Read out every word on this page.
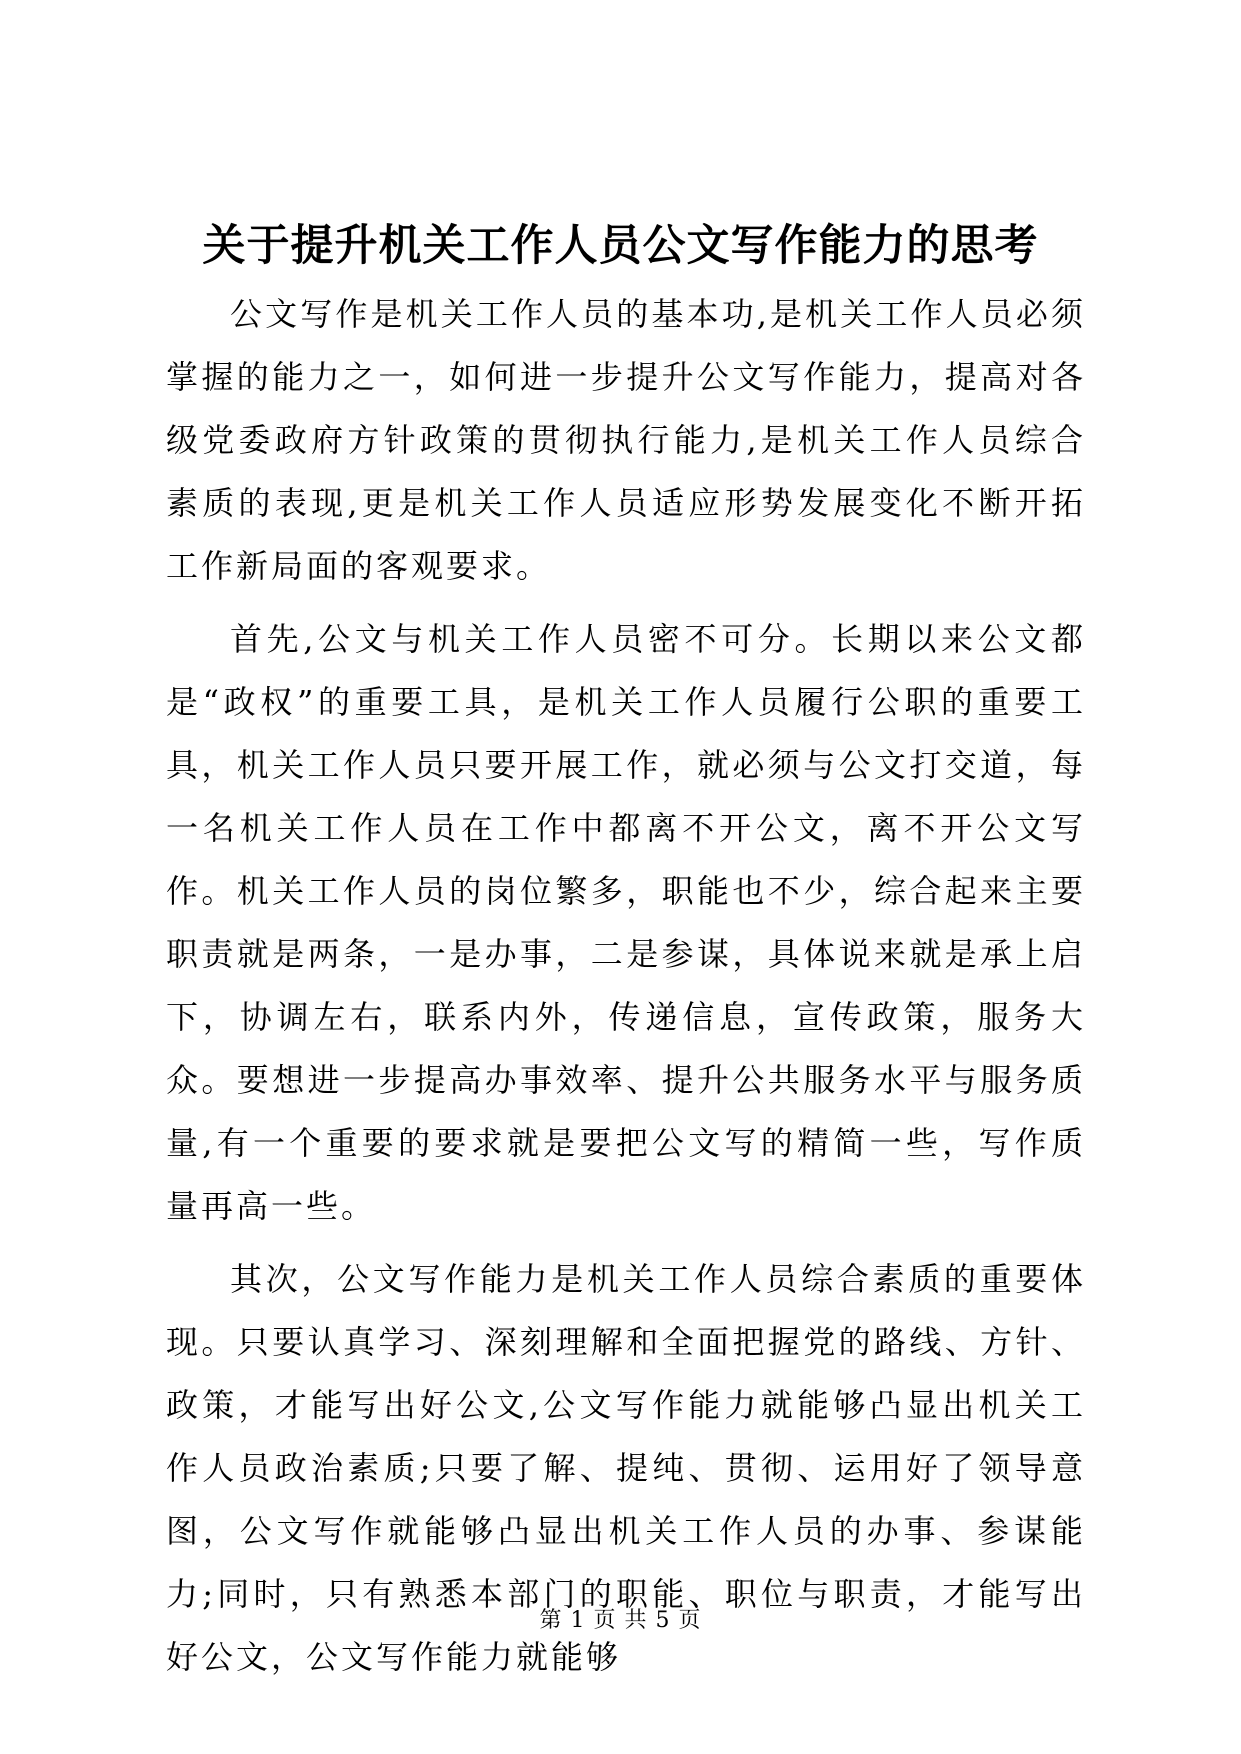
关于提升机关工作人员公文写作能力的思考

公文写作是机关工作人员的基本功,是机关工作人员必须掌握的能力之一，如何进一步提升公文写作能力，提高对各级党委政府方针政策的贯彻执行能力,是机关工作人员综合素质的表现,更是机关工作人员适应形势发展变化不断开拓工作新局面的客观要求。

首先,公文与机关工作人员密不可分。长期以来公文都是“政权”的重要工具，是机关工作人员履行公职的重要工具，机关工作人员只要开展工作，就必须与公文打交道，每一名机关工作人员在工作中都离不开公文，离不开公文写作。机关工作人员的岗位繁多，职能也不少，综合起来主要职责就是两条，一是办事，二是参谋，具体说来就是承上启下，协调左右，联系内外，传递信息，宣传政策，服务大众。要想进一步提高办事效率、提升公共服务水平与服务质量,有一个重要的要求就是要把公文写的精简一些，写作质量再高一些。

其次，公文写作能力是机关工作人员综合素质的重要体现。只要认真学习、深刻理解和全面把握党的路线、方针、政策，才能写出好公文,公文写作能力就能够凸显出机关工作人员政治素质;只要了解、提纯、贯彻、运用好了领导意图，公文写作就能够凸显出机关工作人员的办事、参谋能力;同时，只有熟悉本部门的职能、职位与职责，才能写出好公文，公文写作能力就能够

第 1 页 共 5 页
